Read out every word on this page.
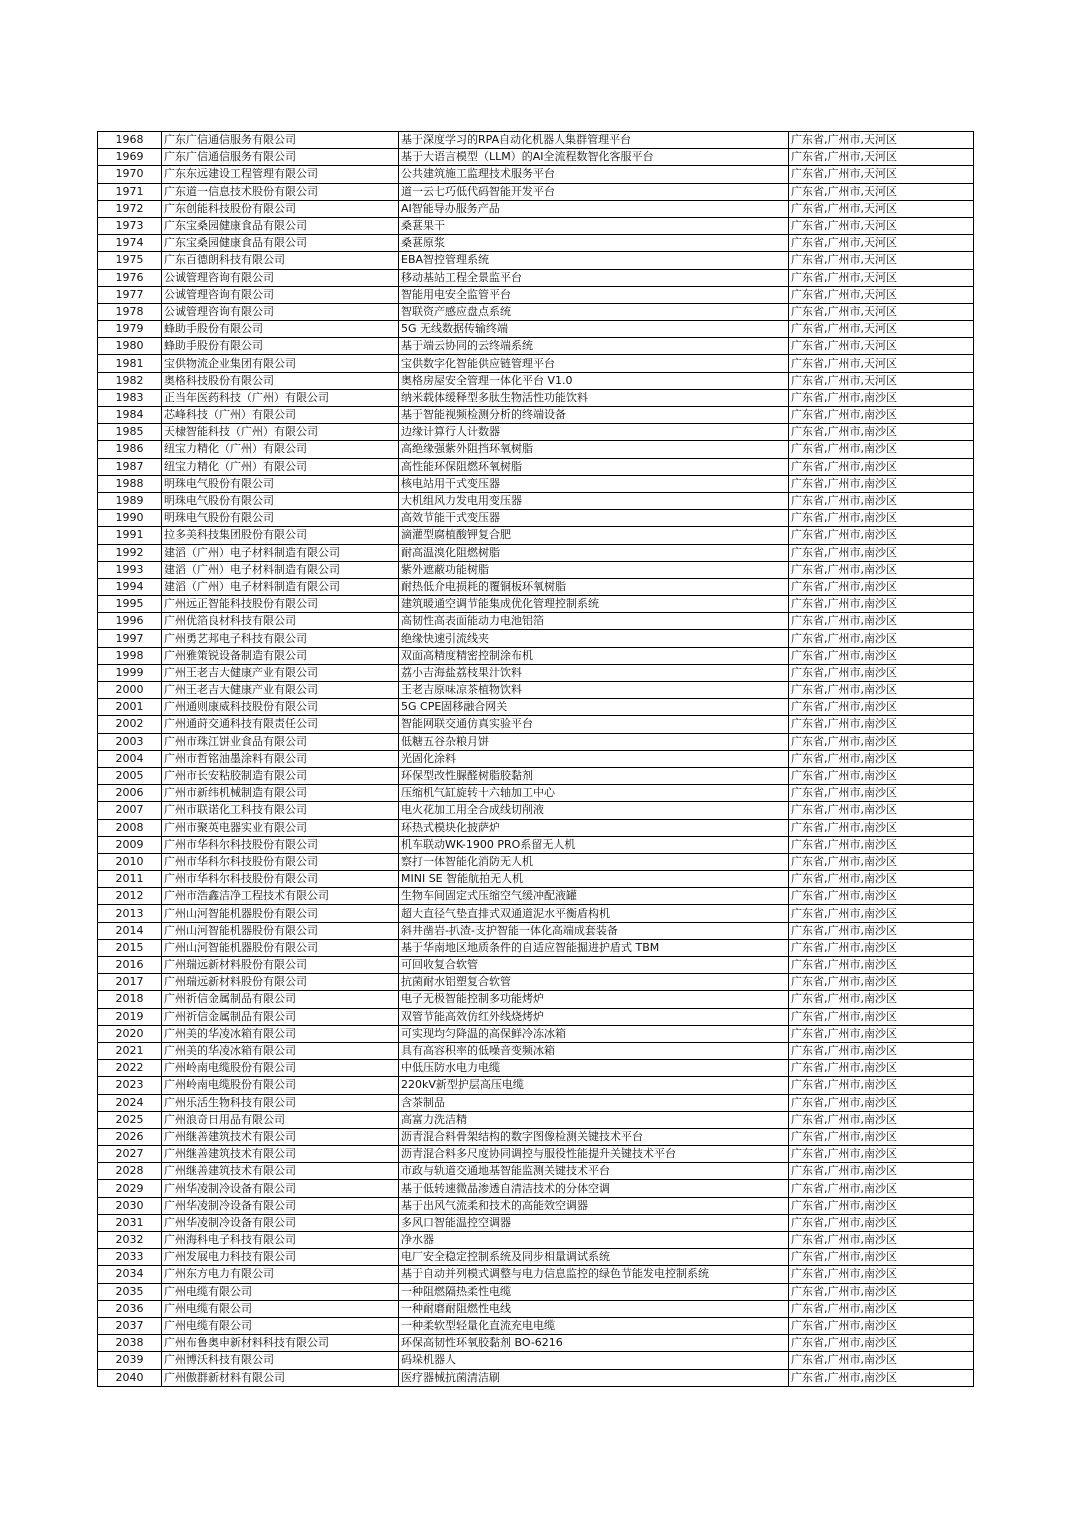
1968	广东广信通信服务有限公司	基于深度学习的RPA自动化机器人集群管理平台	广东省,广州市,天河区
1969	广东广信通信服务有限公司	基于大语言模型（LLM）的AI全流程数智化客服平台	广东省,广州市,天河区
1970	广东东远建设工程管理有限公司	公共建筑施工监理技术服务平台	广东省,广州市,天河区
1971	广东道一信息技术股份有限公司	道一云七巧低代码智能开发平台	广东省,广州市,天河区
1972	广东创能科技股份有限公司	AI智能导办服务产品	广东省,广州市,天河区
1973	广东宝桑园健康食品有限公司	桑葚果干	广东省,广州市,天河区
1974	广东宝桑园健康食品有限公司	桑葚原浆	广东省,广州市,天河区
1975	广东百德朗科技有限公司	EBA智控管理系统	广东省,广州市,天河区
1976	公诚管理咨询有限公司	移动基站工程全景监平台	广东省,广州市,天河区
1977	公诚管理咨询有限公司	智能用电安全监管平台	广东省,广州市,天河区
1978	公诚管理咨询有限公司	智联资产感应盘点系统	广东省,广州市,天河区
1979	蜂助手股份有限公司	5G 无线数据传输终端	广东省,广州市,天河区
1980	蜂助手股份有限公司	基于端云协同的云终端系统	广东省,广州市,天河区
1981	宝供物流企业集团有限公司	宝供数字化智能供应链管理平台	广东省,广州市,天河区
1982	奥格科技股份有限公司	奥格房屋安全管理一体化平台 V1.0	广东省,广州市,天河区
1983	正当年医药科技（广州）有限公司	纳米载体缓释型多肽生物活性功能饮料	广东省,广州市,南沙区
1984	芯峰科技（广州）有限公司	基于智能视频检测分析的终端设备	广东省,广州市,南沙区
1985	天棣智能科技（广州）有限公司	边缘计算行人计数器	广东省,广州市,南沙区
1986	纽宝力精化（广州）有限公司	高绝缘强紫外阻挡环氧树脂	广东省,广州市,南沙区
1987	纽宝力精化（广州）有限公司	高性能环保阻燃环氧树脂	广东省,广州市,南沙区
1988	明珠电气股份有限公司	核电站用干式变压器	广东省,广州市,南沙区
1989	明珠电气股份有限公司	大机组风力发电用变压器	广东省,广州市,南沙区
1990	明珠电气股份有限公司	高效节能干式变压器	广东省,广州市,南沙区
1991	拉多美科技集团股份有限公司	滴灌型腐植酸钾复合肥	广东省,广州市,南沙区
1992	建滔（广州）电子材料制造有限公司	耐高温溴化阻燃树脂	广东省,广州市,南沙区
1993	建滔（广州）电子材料制造有限公司	紫外遮蔽功能树脂	广东省,广州市,南沙区
1994	建滔（广州）电子材料制造有限公司	耐热低介电损耗的覆铜板环氧树脂	广东省,广州市,南沙区
1995	广州远正智能科技股份有限公司	建筑暖通空调节能集成优化管理控制系统	广东省,广州市,南沙区
1996	广州优箔良材科技有限公司	高韧性高表面能动力电池铝箔	广东省,广州市,南沙区
1997	广州勇艺邦电子科技有限公司	绝缘快速引流线夹	广东省,广州市,南沙区
1998	广州雅策锐设备制造有限公司	双面高精度精密控制涂布机	广东省,广州市,南沙区
1999	广州王老吉大健康产业有限公司	荔小吉海盐荔枝果汁饮料	广东省,广州市,南沙区
2000	广州王老吉大健康产业有限公司	王老吉原味凉茶植物饮料	广东省,广州市,南沙区
2001	广州通则康威科技股份有限公司	5G CPE固移融合网关	广东省,广州市,南沙区
2002	广州通莳交通科技有限责任公司	智能网联交通仿真实验平台	广东省,广州市,南沙区
2003	广州市珠江饼业食品有限公司	低糖五谷杂粮月饼	广东省,广州市,南沙区
2004	广州市哲铭油墨涂料有限公司	光固化涂料	广东省,广州市,南沙区
2005	广州市长安粘胶制造有限公司	环保型改性脲醛树脂胶黏剂	广东省,广州市,南沙区
2006	广州市新纬机械制造有限公司	压缩机气缸旋转十六轴加工中心	广东省,广州市,南沙区
2007	广州市联诺化工科技有限公司	电火花加工用全合成线切削液	广东省,广州市,南沙区
2008	广州市聚英电器实业有限公司	环热式模块化披萨炉	广东省,广州市,南沙区
2009	广州市华科尔科技股份有限公司	机车联动WK-1900 PRO系留无人机	广东省,广州市,南沙区
2010	广州市华科尔科技股份有限公司	察打一体智能化消防无人机	广东省,广州市,南沙区
2011	广州市华科尔科技股份有限公司	MINI SE 智能航拍无人机	广东省,广州市,南沙区
2012	广州市浩鑫洁净工程技术有限公司	生物车间固定式压缩空气缓冲配液罐	广东省,广州市,南沙区
2013	广州山河智能机器股份有限公司	超大直径气垫直排式双通道泥水平衡盾构机	广东省,广州市,南沙区
2014	广州山河智能机器股份有限公司	斜井凿岩-扒渣-支护智能一体化高端成套装备	广东省,广州市,南沙区
2015	广州山河智能机器股份有限公司	基于华南地区地质条件的自适应智能掘进护盾式 TBM	广东省,广州市,南沙区
2016	广州瑞远新材料股份有限公司	可回收复合软管	广东省,广州市,南沙区
2017	广州瑞远新材料股份有限公司	抗菌耐水铝塑复合软管	广东省,广州市,南沙区
2018	广州祈信金属制品有限公司	电子无极智能控制多功能烤炉	广东省,广州市,南沙区
2019	广州祈信金属制品有限公司	双管节能高效仿红外线烧烤炉	广东省,广州市,南沙区
2020	广州美的华凌冰箱有限公司	可实现均匀降温的高保鲜冷冻冰箱	广东省,广州市,南沙区
2021	广州美的华凌冰箱有限公司	具有高容积率的低噪音变频冰箱	广东省,广州市,南沙区
2022	广州岭南电缆股份有限公司	中低压防水电力电缆	广东省,广州市,南沙区
2023	广州岭南电缆股份有限公司	220kV新型护层高压电缆	广东省,广州市,南沙区
2024	广州乐活生物科技有限公司	含茶制品	广东省,广州市,南沙区
2025	广州浪奇日用品有限公司	高富力洗洁精	广东省,广州市,南沙区
2026	广州继善建筑技术有限公司	沥青混合料骨架结构的数字图像检测关键技术平台	广东省,广州市,南沙区
2027	广州继善建筑技术有限公司	沥青混合料多尺度协同调控与服役性能提升关键技术平台	广东省,广州市,南沙区
2028	广州继善建筑技术有限公司	市政与轨道交通地基智能监测关键技术平台	广东省,广州市,南沙区
2029	广州华凌制冷设备有限公司	基于低转速微晶渗透自清洁技术的分体空调	广东省,广州市,南沙区
2030	广州华凌制冷设备有限公司	基于出风气流柔和技术的高能效空调器	广东省,广州市,南沙区
2031	广州华凌制冷设备有限公司	多风口智能温控空调器	广东省,广州市,南沙区
2032	广州海科电子科技有限公司	净水器	广东省,广州市,南沙区
2033	广州发展电力科技有限公司	电厂安全稳定控制系统及同步相量调试系统	广东省,广州市,南沙区
2034	广州东方电力有限公司	基于自动并列模式调整与电力信息监控的绿色节能发电控制系统	广东省,广州市,南沙区
2035	广州电缆有限公司	一种阻燃隔热柔性电缆	广东省,广州市,南沙区
2036	广州电缆有限公司	一种耐磨耐阻燃性电线	广东省,广州市,南沙区
2037	广州电缆有限公司	一种柔软型轻量化直流充电电缆	广东省,广州市,南沙区
2038	广州布鲁奥申新材料科技有限公司	环保高韧性环氧胶黏剂 BO-6216	广东省,广州市,南沙区
2039	广州博沃科技有限公司	码垛机器人	广东省,广州市,南沙区
2040	广州傲群新材料有限公司	医疗器械抗菌清洁刷	广东省,广州市,南沙区
